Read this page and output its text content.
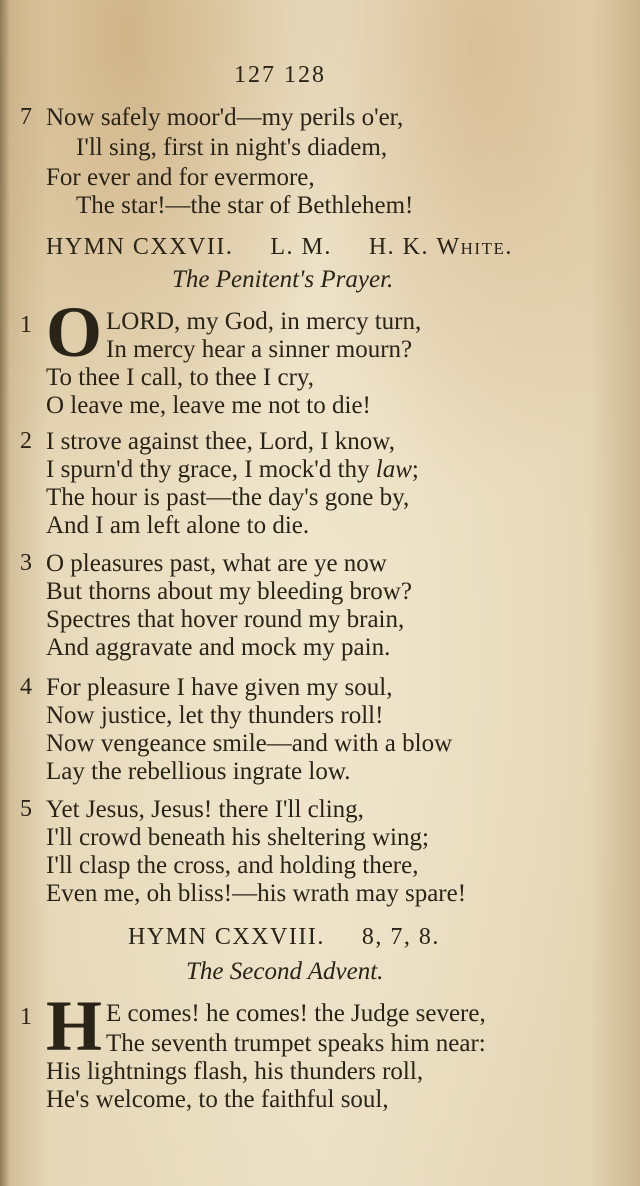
127 128
7 Now safely moor'd—my perils o'er,
I'll sing, first in night's diadem,
For ever and for evermore,
The star!—the star of Bethlehem!
HYMN CXXVII. L. M. H. K. White.
The Penitent's Prayer.
1 O LORD, my God, in mercy turn,
In mercy hear a sinner mourn?
To thee I call, to thee I cry,
O leave me, leave me not to die!
2 I strove against thee, Lord, I know,
I spurn'd thy grace, I mock'd thy law;
The hour is past—the day's gone by,
And I am left alone to die.
3 O pleasures past, what are ye now
But thorns about my bleeding brow?
Spectres that hover round my brain,
And aggravate and mock my pain.
4 For pleasure I have given my soul,
Now justice, let thy thunders roll!
Now vengeance smile—and with a blow
Lay the rebellious ingrate low.
5 Yet Jesus, Jesus! there I'll cling,
I'll crowd beneath his sheltering wing;
I'll clasp the cross, and holding there,
Even me, oh bliss!—his wrath may spare!
HYMN CXXVIII. 8, 7, 8.
The Second Advent.
1 H E comes! he comes! the Judge severe,
The seventh trumpet speaks him near:
His lightnings flash, his thunders roll,
He's welcome, to the faithful soul,
